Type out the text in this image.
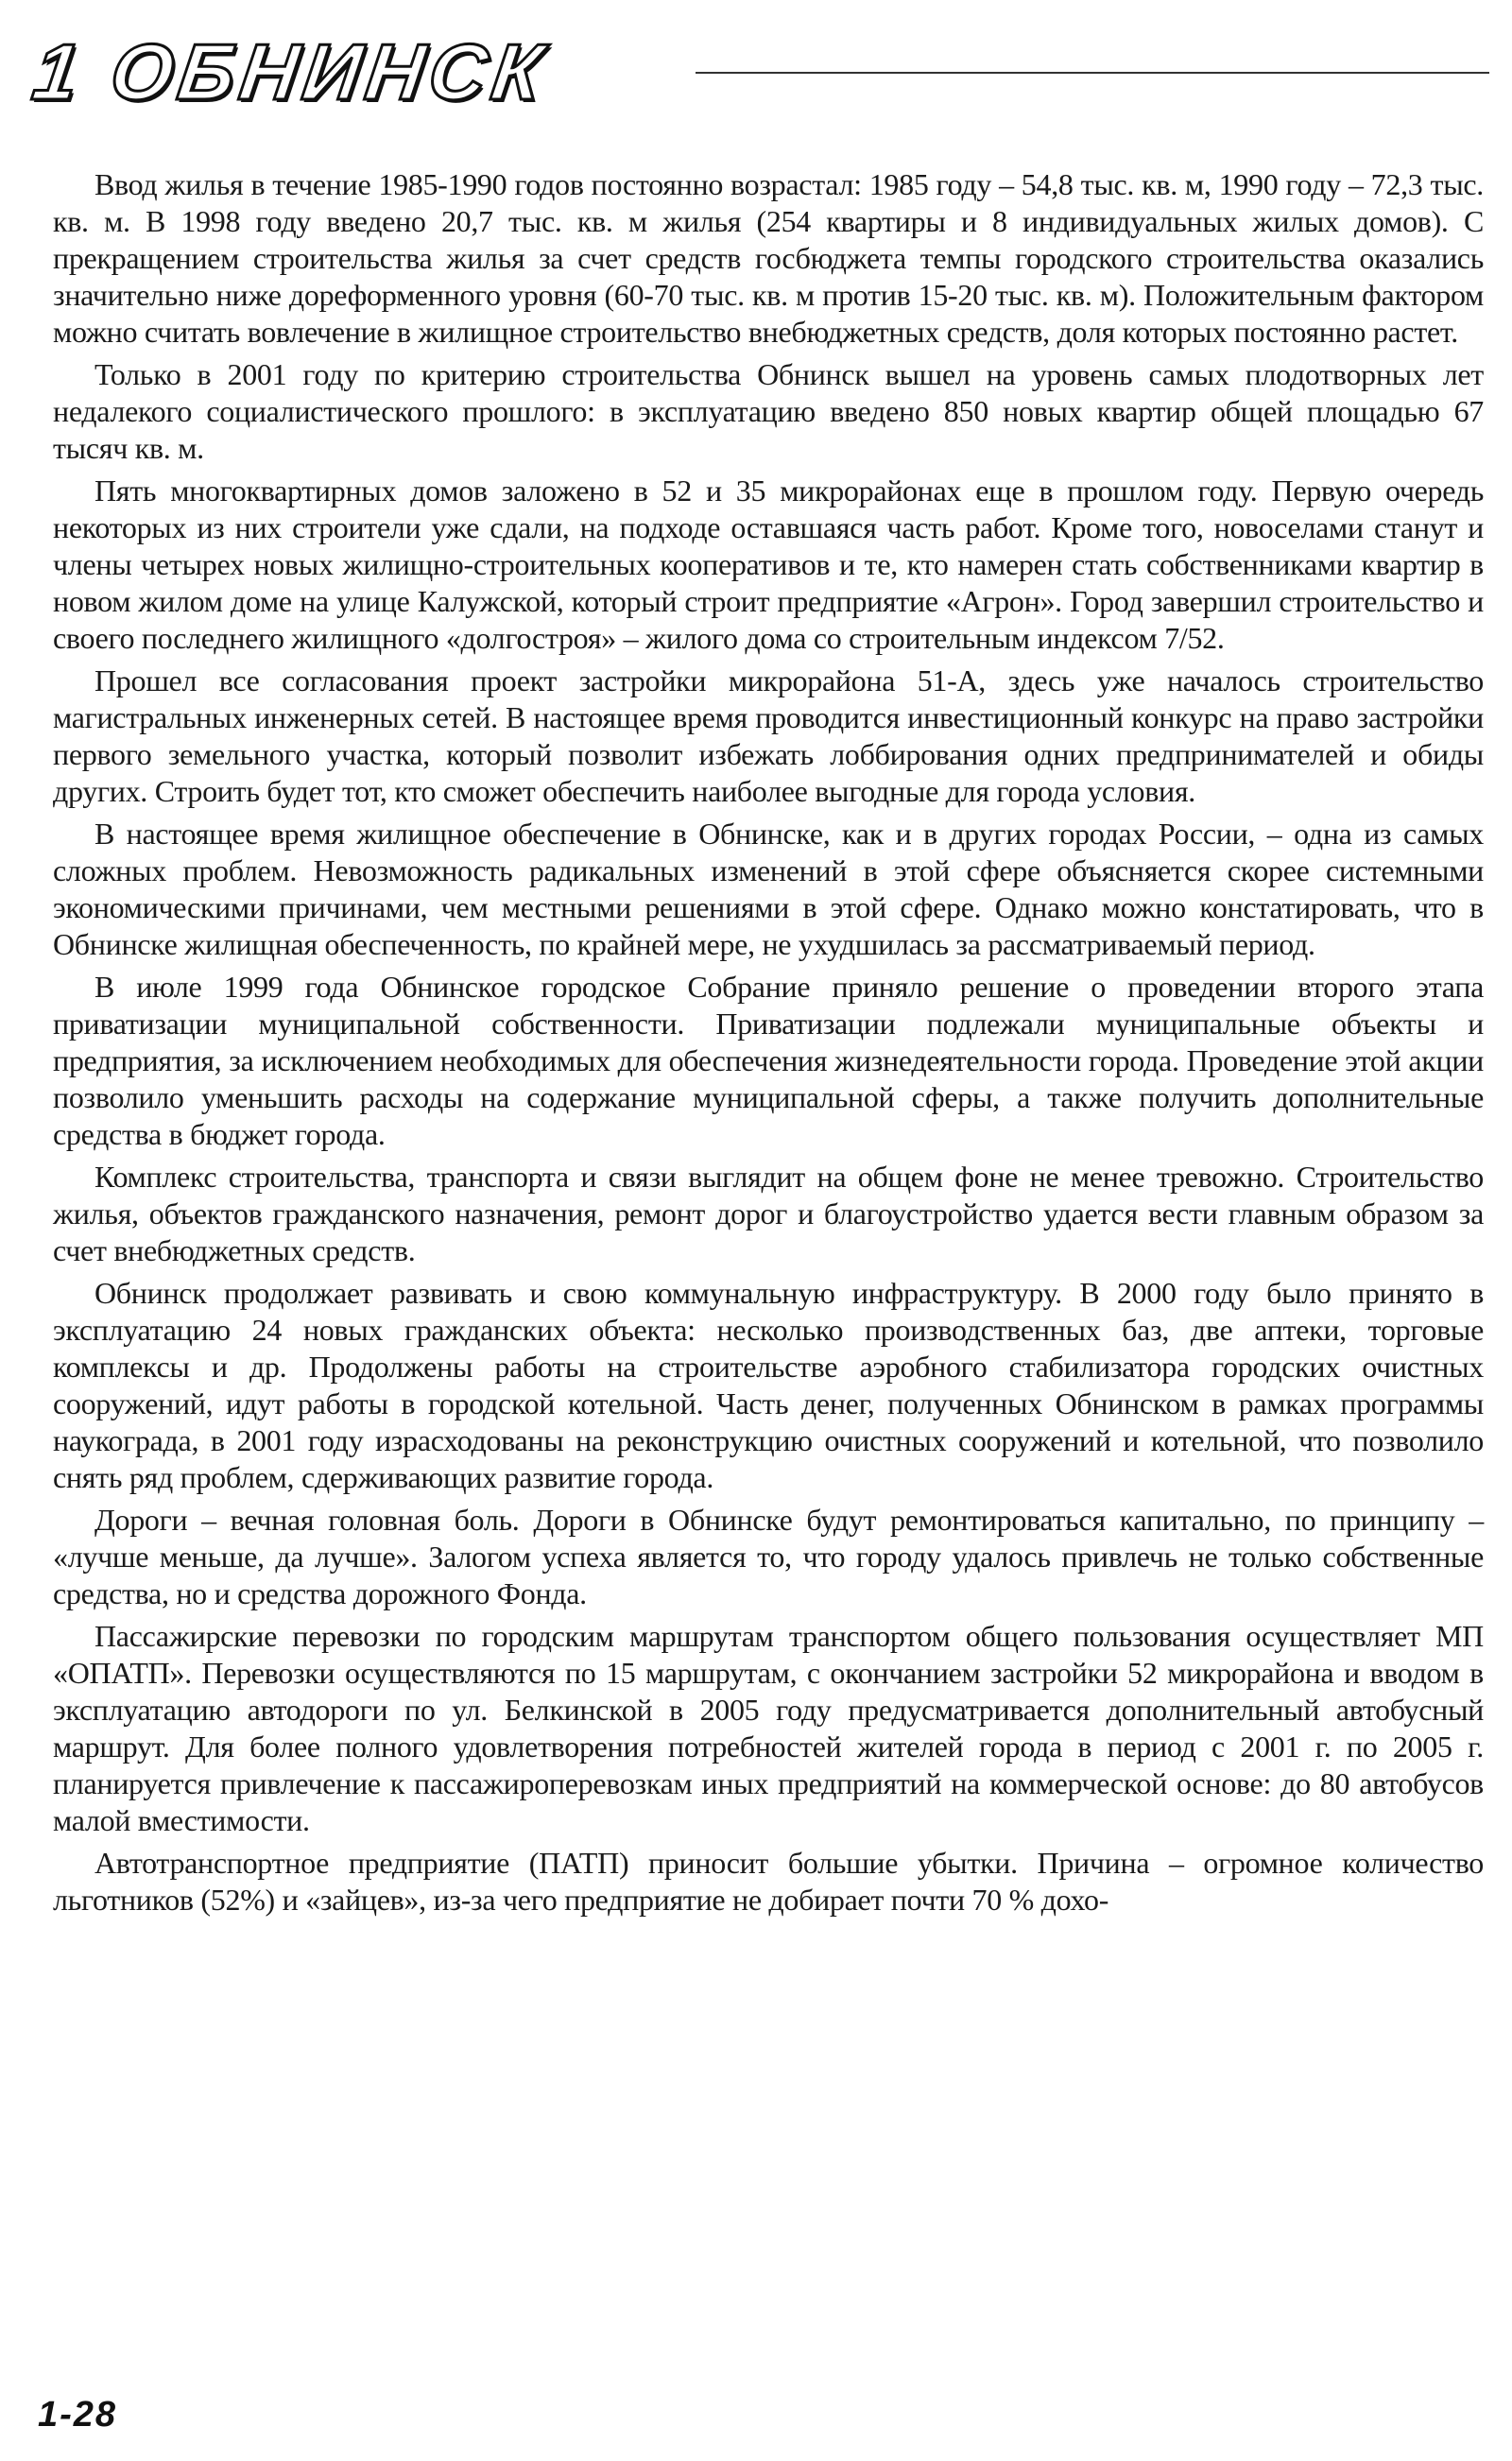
1 ОБНИНСК

Ввод жилья в течение 1985-1990 годов постоянно возрастал: 1985 году – 54,8 тыс. кв. м, 1990 году – 72,3 тыс. кв. м. В 1998 году введено 20,7 тыс. кв. м жилья (254 квартиры и 8 индивидуальных жилых домов). С прекращением строительства жилья за счет средств госбюджета темпы городского строительства оказались значительно ниже дореформенного уровня (60-70 тыс. кв. м против 15-20 тыс. кв. м). Положительным фактором можно считать вовлечение в жилищное строительство внебюджетных средств, доля которых постоянно растет.

Только в 2001 году по критерию строительства Обнинск вышел на уровень самых плодотворных лет недалекого социалистического прошлого: в эксплуатацию введено 850 новых квартир общей площадью 67 тысяч кв. м.

Пять многоквартирных домов заложено в 52 и 35 микрорайонах еще в прошлом году. Первую очередь некоторых из них строители уже сдали, на подходе оставшаяся часть работ. Кроме того, новоселами станут и члены четырех новых жилищно-строительных кооперативов и те, кто намерен стать собственниками квартир в новом жилом доме на улице Калужской, который строит предприятие «Агрон». Город завершил строительство и своего последнего жилищного «долгостроя» – жилого дома со строительным индексом 7/52.

Прошел все согласования проект застройки микрорайона 51-А, здесь уже началось строительство магистральных инженерных сетей. В настоящее время проводится инвестиционный конкурс на право застройки первого земельного участка, который позволит избежать лоббирования одних предпринимателей и обиды других. Строить будет тот, кто сможет обеспечить наиболее выгодные для города условия.

В настоящее время жилищное обеспечение в Обнинске, как и в других городах России, – одна из самых сложных проблем. Невозможность радикальных изменений в этой сфере объясняется скорее системными экономическими причинами, чем местными решениями в этой сфере. Однако можно констатировать, что в Обнинске жилищная обеспеченность, по крайней мере, не ухудшилась за рассматриваемый период.

В июле 1999 года Обнинское городское Собрание приняло решение о проведении второго этапа приватизации муниципальной собственности. Приватизации подлежали муниципальные объекты и предприятия, за исключением необходимых для обеспечения жизнедеятельности города. Проведение этой акции позволило уменьшить расходы на содержание муниципальной сферы, а также получить дополнительные средства в бюджет города.

Комплекс строительства, транспорта и связи выглядит на общем фоне не менее тревожно. Строительство жилья, объектов гражданского назначения, ремонт дорог и благоустройство удается вести главным образом за счет внебюджетных средств.

Обнинск продолжает развивать и свою коммунальную инфраструктуру. В 2000 году было принято в эксплуатацию 24 новых гражданских объекта: несколько производственных баз, две аптеки, торговые комплексы и др. Продолжены работы на строительстве аэробного стабилизатора городских очистных сооружений, идут работы в городской котельной. Часть денег, полученных Обнинском в рамках программы наукограда, в 2001 году израсходованы на реконструкцию очистных сооружений и котельной, что позволило снять ряд проблем, сдерживающих развитие города.

Дороги – вечная головная боль. Дороги в Обнинске будут ремонтироваться капитально, по принципу – «лучше меньше, да лучше». Залогом успеха является то, что городу удалось привлечь не только собственные средства, но и средства дорожного Фонда.

Пассажирские перевозки по городским маршрутам транспортом общего пользования осуществляет МП «ОПАТП». Перевозки осуществляются по 15 маршрутам, с окончанием застройки 52 микрорайона и вводом в эксплуатацию автодороги по ул. Белкинской в 2005 году предусматривается дополнительный автобусный маршрут. Для более полного удовлетворения потребностей жителей города в период с 2001 г. по 2005 г. планируется привлечение к пассажироперевозкам иных предприятий на коммерческой основе: до 80 автобусов малой вместимости.

Автотранспортное предприятие (ПАТП) приносит большие убытки. Причина – огромное количество льготников (52%) и «зайцев», из-за чего предприятие не добирает почти 70 % дохо-

1-28
